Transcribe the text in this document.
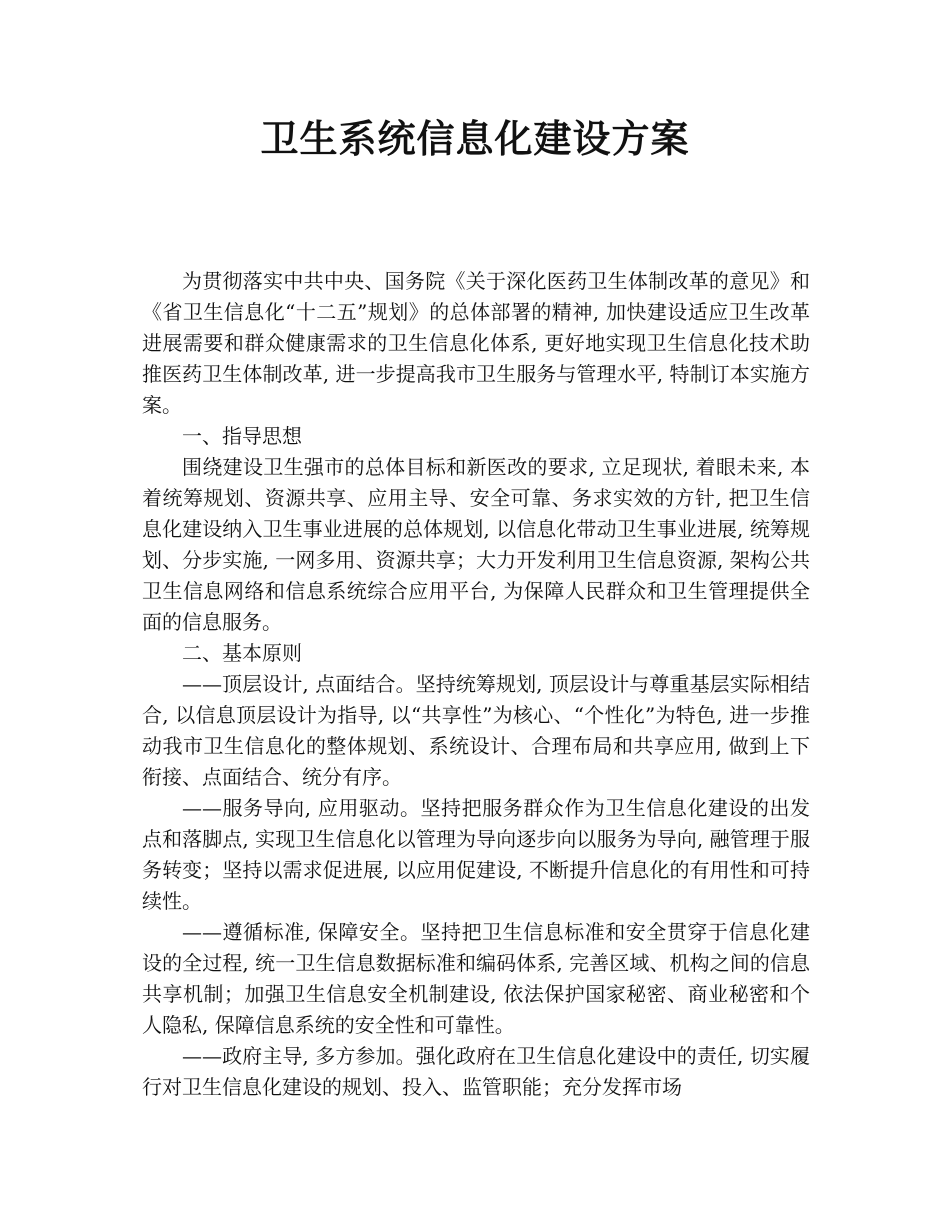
卫生系统信息化建设方案

为贯彻落实中共中央、国务院《关于深化医药卫生体制改革的意见》和《省卫生信息化“十二五”规划》的总体部署的精神, 加快建设适应卫生改革进展需要和群众健康需求的卫生信息化体系, 更好地实现卫生信息化技术助推医药卫生体制改革, 进一步提高我市卫生服务与管理水平, 特制订本实施方案。

一、指导思想

围绕建设卫生强市的总体目标和新医改的要求, 立足现状, 着眼未来, 本着统筹规划、资源共享、应用主导、安全可靠、务求实效的方针, 把卫生信息化建设纳入卫生事业进展的总体规划, 以信息化带动卫生事业进展, 统筹规划、分步实施, 一网多用、资源共享；大力开发利用卫生信息资源, 架构公共卫生信息网络和信息系统综合应用平台, 为保障人民群众和卫生管理提供全面的信息服务。

二、基本原则

——顶层设计, 点面结合。坚持统筹规划, 顶层设计与尊重基层实际相结合, 以信息顶层设计为指导, 以“共享性”为核心、“个性化”为特色, 进一步推动我市卫生信息化的整体规划、系统设计、合理布局和共享应用, 做到上下衔接、点面结合、统分有序。

——服务导向, 应用驱动。坚持把服务群众作为卫生信息化建设的出发点和落脚点, 实现卫生信息化以管理为导向逐步向以服务为导向, 融管理于服务转变；坚持以需求促进展, 以应用促建设, 不断提升信息化的有用性和可持续性。

——遵循标准, 保障安全。坚持把卫生信息标准和安全贯穿于信息化建设的全过程, 统一卫生信息数据标准和编码体系, 完善区域、机构之间的信息共享机制；加强卫生信息安全机制建设, 依法保护国家秘密、商业秘密和个人隐私, 保障信息系统的安全性和可靠性。

——政府主导, 多方参加。强化政府在卫生信息化建设中的责任, 切实履行对卫生信息化建设的规划、投入、监管职能；充分发挥市场
